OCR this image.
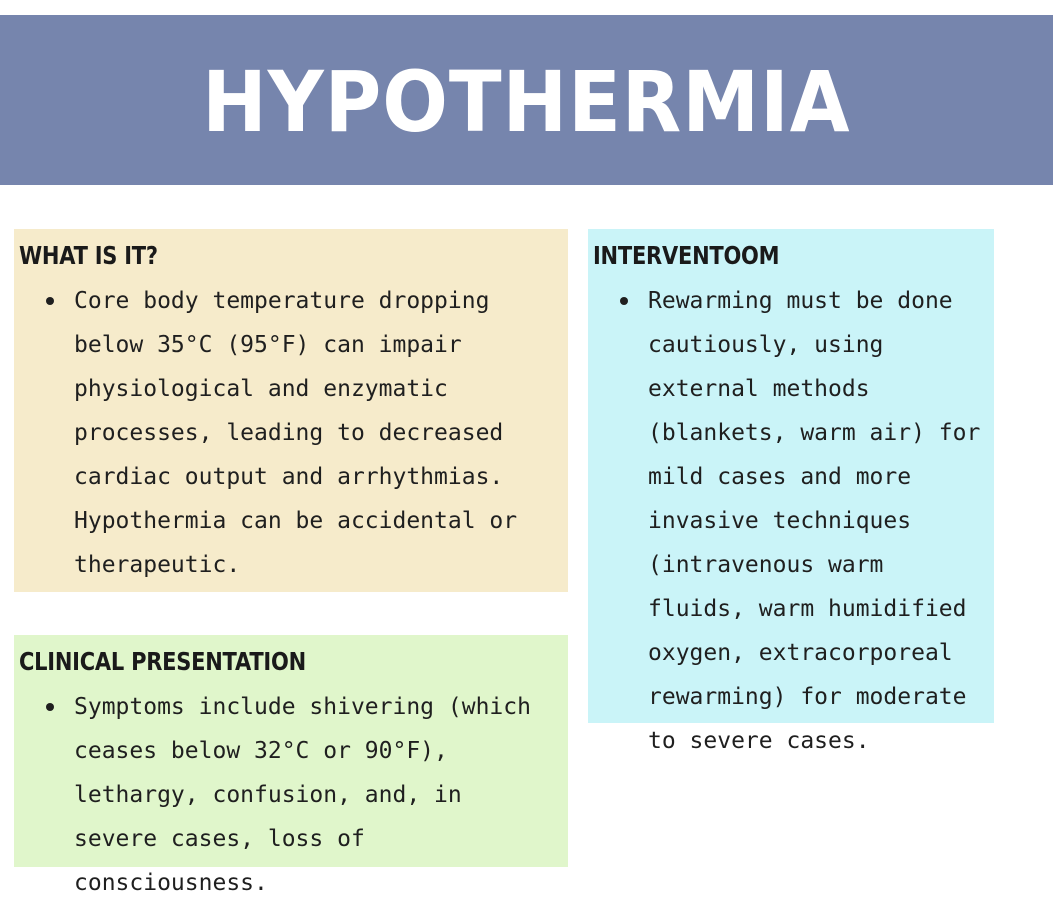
HYPOTHERMIA
WHAT IS IT?
Core body temperature dropping below 35°C (95°F) can impair physiological and enzymatic processes, leading to decreased cardiac output and arrhythmias. Hypothermia can be accidental or therapeutic.
CLINICAL PRESENTATION
Symptoms include shivering (which ceases below 32°C or 90°F), lethargy, confusion, and, in severe cases, loss of consciousness.
INTERVENTOOM
Rewarming must be done cautiously, using external methods (blankets, warm air) for mild cases and more invasive techniques (intravenous warm fluids, warm humidified oxygen, extracorporeal rewarming) for moderate to severe cases.
